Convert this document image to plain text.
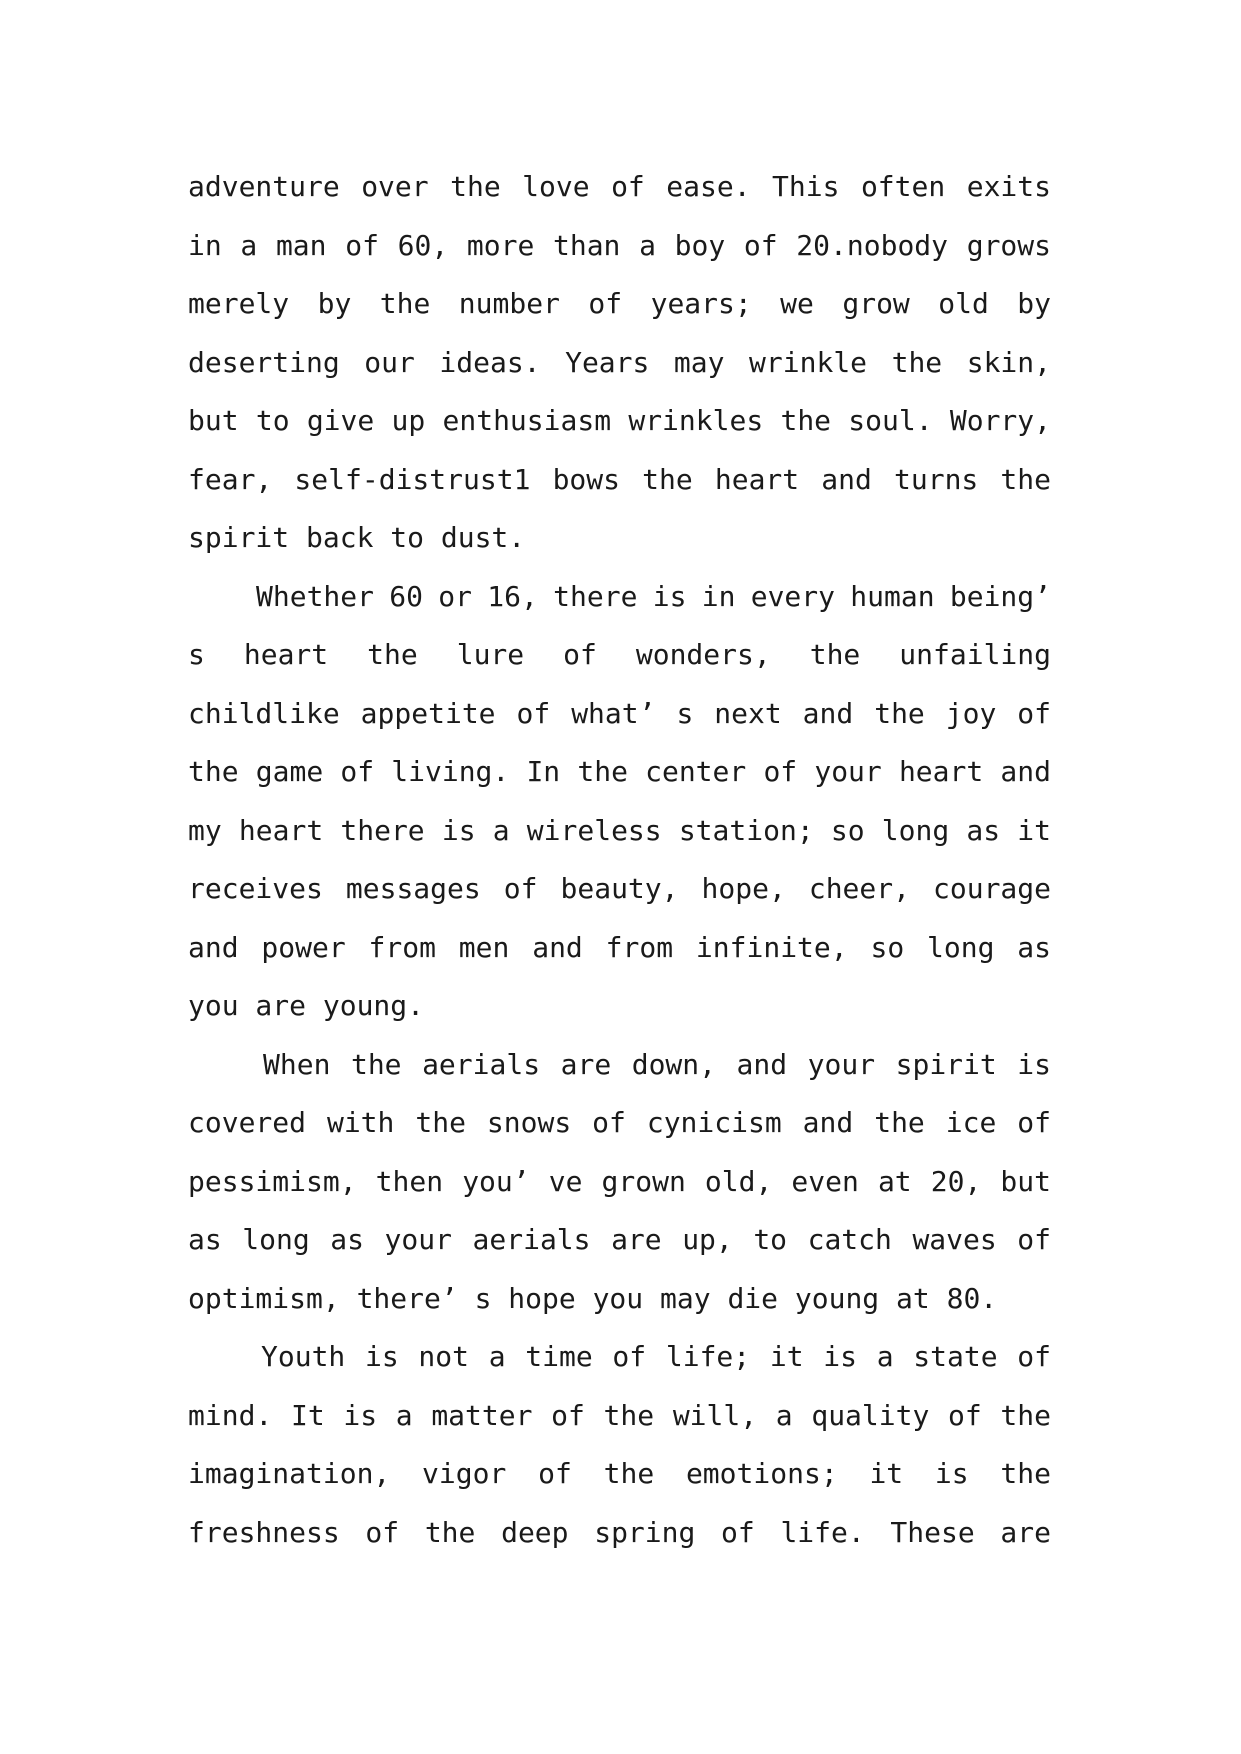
adventure over the love of ease. This often exits
in a man of 60, more than a boy of 20.nobody grows
merely by the number of years; we grow old by
deserting our ideas. Years may wrinkle the skin,
but to give up enthusiasm wrinkles the soul. Worry,
fear, self-distrust1 bows the heart and turns the
spirit back to dust.
Whether 60 or 16, there is in every human being’
s heart the lure of wonders, the unfailing
childlike appetite of what’ s next and the joy of
the game of living. In the center of your heart and
my heart there is a wireless station; so long as it
receives messages of beauty, hope, cheer, courage
and power from men and from infinite, so long as
you are young.
When the aerials are down, and your spirit is
covered with the snows of cynicism and the ice of
pessimism, then you’ ve grown old, even at 20, but
as long as your aerials are up, to catch waves of
optimism, there’ s hope you may die young at 80.
Youth is not a time of life; it is a state of
mind. It is a matter of the will, a quality of the
imagination, vigor of the emotions; it is the
freshness of the deep spring of life. These are
